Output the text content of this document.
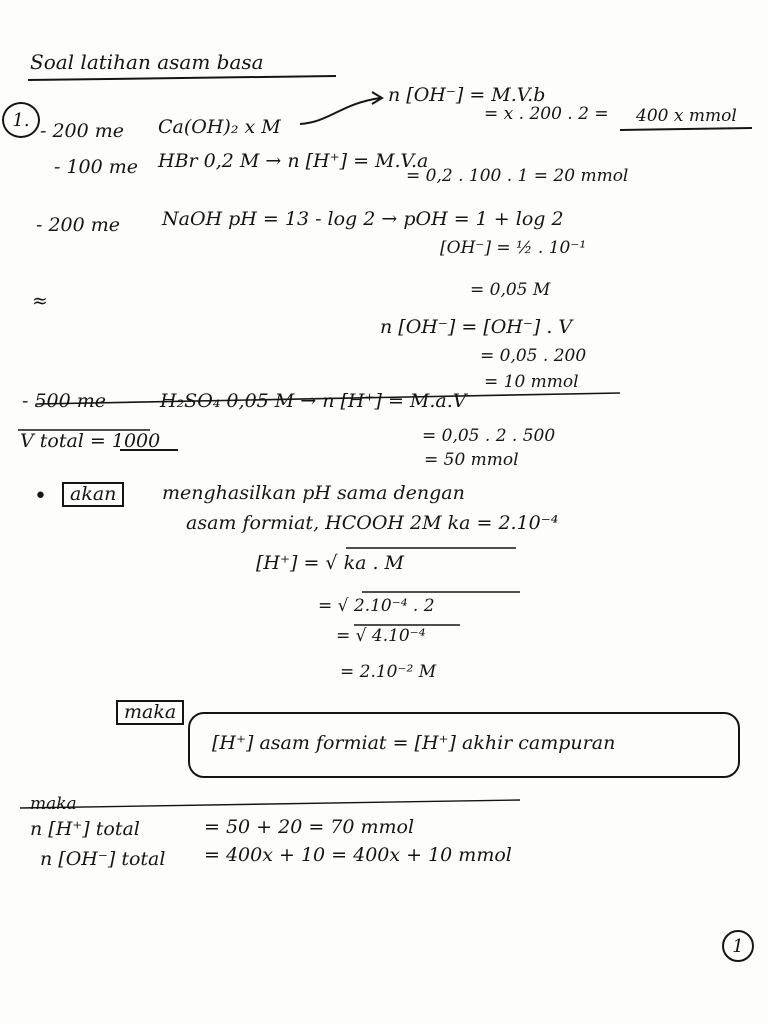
Soal latihan asam basa
1. - 200 me Ca(OH)₂ x M
n [OH⁻] = M.V.b
= x . 200 . 2 = 400 x mmol
- 100 me HBr 0,2 M → n [H⁺] = M.V.a
= 0,2 . 100 . 1 = 20 mmol
- 200 me NaOH pH = 13 - log 2 → pOH = 1 + log 2
[OH⁻] = ½ . 10⁻¹
= 0,05 M
≈
n [OH⁻] = [OH⁻] . V
= 0,05 . 200
= 10 mmol
- 500 me	H₂SO₄ 0,05 M → n [H⁺] = M.a.V
= 0,05 . 2 . 500
= 50 mmol
V total = 1000
•	akan	menghasilkan pH sama dengan
asam formiat, HCOOH 2M ka = 2.10⁻⁴
[H⁺] = √ ka . M
= √ 2.10⁻⁴ . 2
= √ 4.10⁻⁴
= 2.10⁻² M
maka
[H⁺] asam formiat = [H⁺] akhir campuran
maka
n [H⁺] total	= 50 + 20 = 70 mmol
n [OH⁻] total = 400x + 10 = 400x + 10 mmol
1
